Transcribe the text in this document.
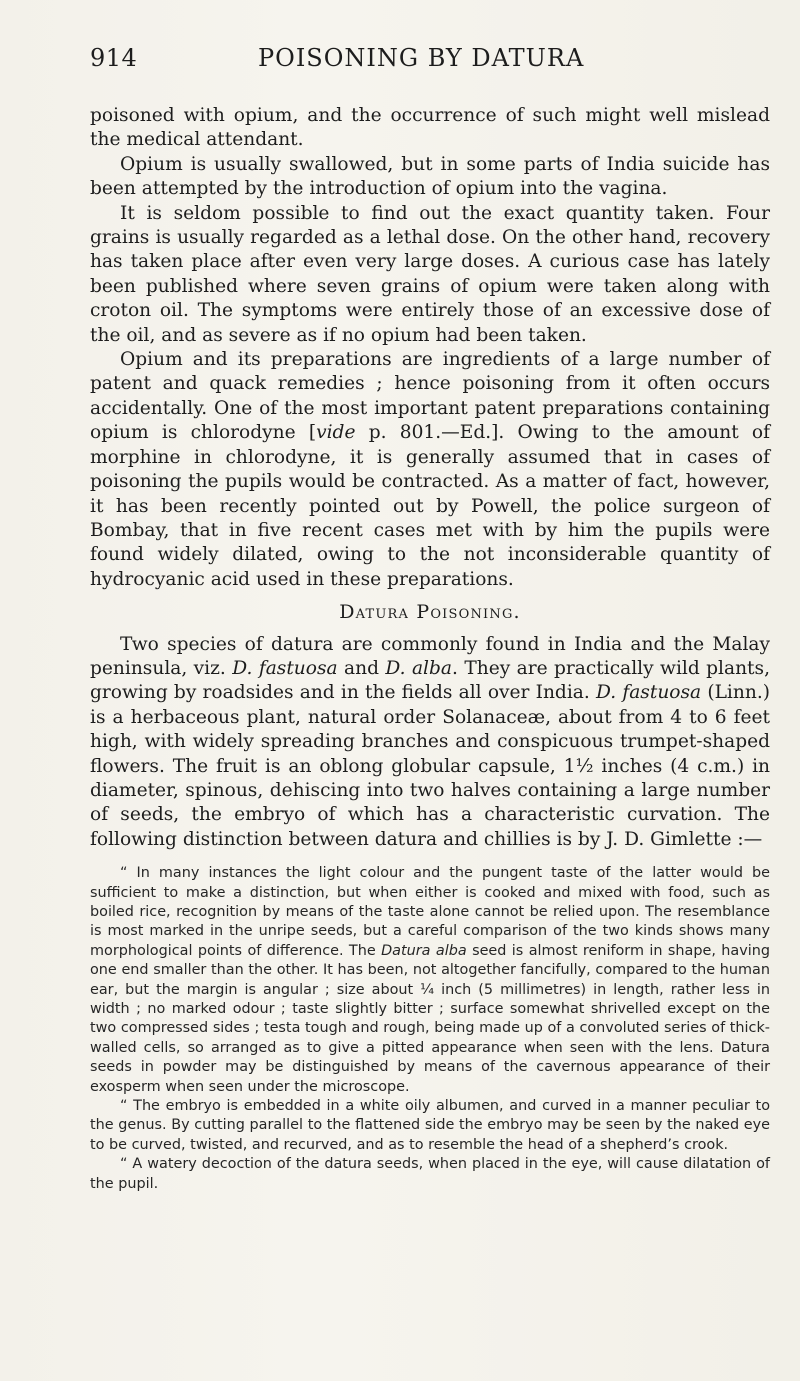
914	POISONING BY DATURA

poisoned with opium, and the occurrence of such might well mislead the medical attendant.

Opium is usually swallowed, but in some parts of India suicide has been attempted by the introduction of opium into the vagina.

It is seldom possible to find out the exact quantity taken. Four grains is usually regarded as a lethal dose. On the other hand, recovery has taken place after even very large doses. A curious case has lately been published where seven grains of opium were taken along with croton oil. The symptoms were entirely those of an excessive dose of the oil, and as severe as if no opium had been taken.

Opium and its preparations are ingredients of a large number of patent and quack remedies ; hence poisoning from it often occurs accidentally. One of the most important patent preparations containing opium is chlorodyne [vide p. 801.—Ed.]. Owing to the amount of morphine in chlorodyne, it is generally assumed that in cases of poisoning the pupils would be contracted. As a matter of fact, however, it has been recently pointed out by Powell, the police surgeon of Bombay, that in five recent cases met with by him the pupils were found widely dilated, owing to the not inconsiderable quantity of hydrocyanic acid used in these preparations.

Datura Poisoning.

Two species of datura are commonly found in India and the Malay peninsula, viz. D. fastuosa and D. alba. They are practically wild plants, growing by roadsides and in the fields all over India. D. fastuosa (Linn.) is a herbaceous plant, natural order Solanaceæ, about from 4 to 6 feet high, with widely spreading branches and conspicuous trumpet-shaped flowers. The fruit is an oblong globular capsule, 1½ inches (4 c.m.) in diameter, spinous, dehiscing into two halves containing a large number of seeds, the embryo of which has a characteristic curvation. The following distinction between datura and chillies is by J. D. Gimlette :—

“ In many instances the light colour and the pungent taste of the latter would be sufficient to make a distinction, but when either is cooked and mixed with food, such as boiled rice, recognition by means of the taste alone cannot be relied upon. The resemblance is most marked in the unripe seeds, but a careful comparison of the two kinds shows many morphological points of difference. The Datura alba seed is almost reniform in shape, having one end smaller than the other. It has been, not altogether fancifully, compared to the human ear, but the margin is angular ; size about ¼ inch (5 millimetres) in length, rather less in width ; no marked odour ; taste slightly bitter ; surface somewhat shrivelled except on the two compressed sides ; testa tough and rough, being made up of a convoluted series of thick-walled cells, so arranged as to give a pitted appearance when seen with the lens. Datura seeds in powder may be distinguished by means of the cavernous appearance of their exosperm when seen under the microscope.

“ The embryo is embedded in a white oily albumen, and curved in a manner peculiar to the genus. By cutting parallel to the flattened side the embryo may be seen by the naked eye to be curved, twisted, and recurved, and as to resemble the head of a shepherd’s crook.

“ A watery decoction of the datura seeds, when placed in the eye, will cause dilatation of the pupil.
